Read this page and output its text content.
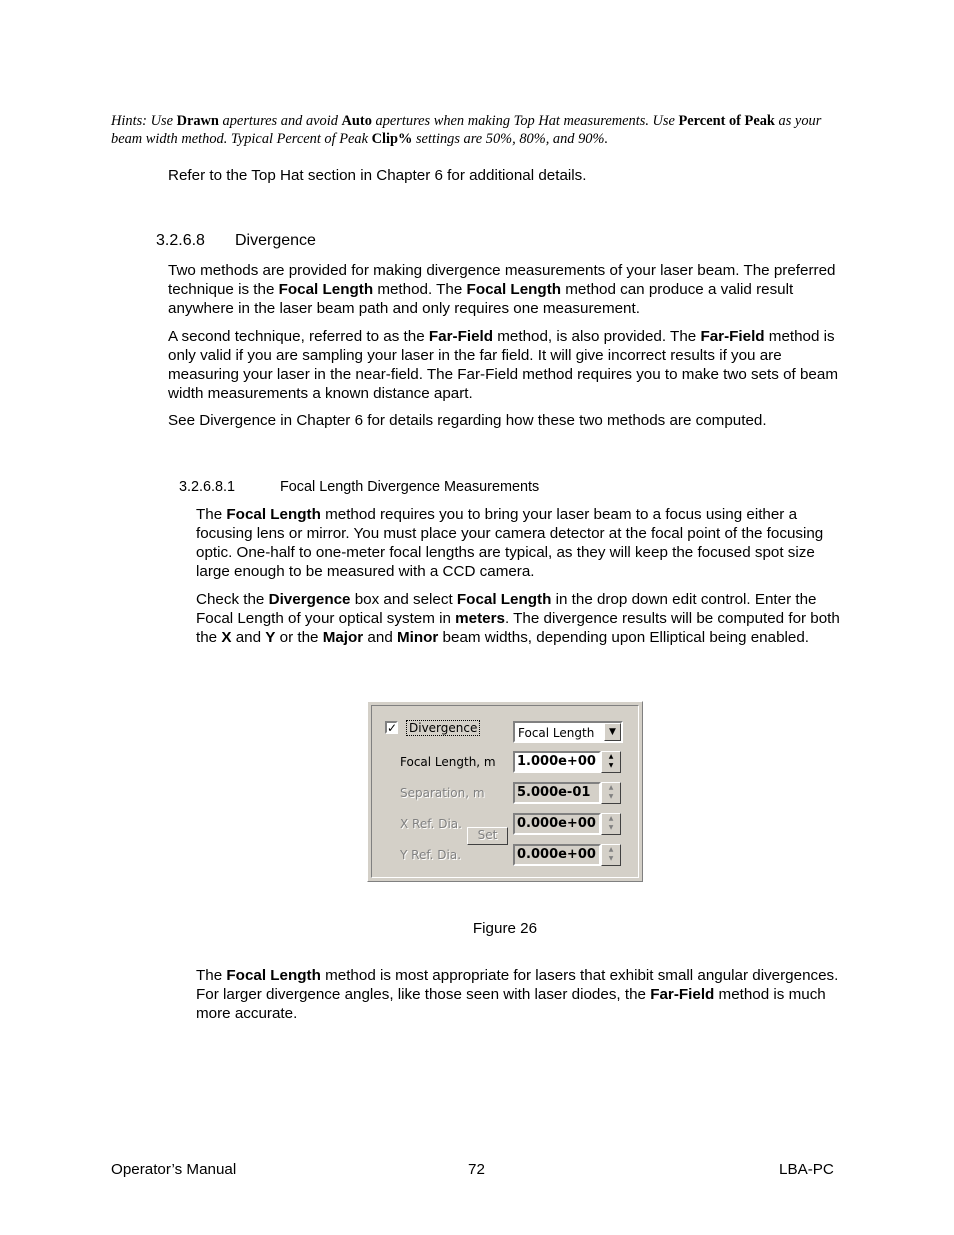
Hints: Use Drawn apertures and avoid Auto apertures when making Top Hat measurements. Use Percent of Peak as your beam width method. Typical Percent of Peak Clip% settings are 50%, 80%, and 90%.

Refer to the Top Hat section in Chapter 6 for additional details.

3.2.6.8 Divergence

Two methods are provided for making divergence measurements of your laser beam. The preferred technique is the Focal Length method. The Focal Length method can produce a valid result anywhere in the laser beam path and only requires one measurement.

A second technique, referred to as the Far-Field method, is also provided. The Far-Field method is only valid if you are sampling your laser in the far field. It will give incorrect results if you are measuring your laser in the near-field. The Far-Field method requires you to make two sets of beam width measurements a known distance apart.

See Divergence in Chapter 6 for details regarding how these two methods are computed.

3.2.6.8.1	Focal Length Divergence Measurements

The Focal Length method requires you to bring your laser beam to a focus using either a focusing lens or mirror. You must place your camera detector at the focal point of the focusing optic. One-half to one-meter focal lengths are typical, as they will keep the focused spot size large enough to be measured with a CCD camera.

Check the Divergence box and select Focal Length in the drop down edit control. Enter the Focal Length of your optical system in meters. The divergence results will be computed for both the X and Y or the Major and Minor beam widths, depending upon Elliptical being enabled.

✓ Divergence	Focal Length	▼
Focal Length, m	1.000e+00	▲
▼
Separation, m	5.000e-01	▲
▼
X Ref. Dia.	0.000e+00	▲
▼
Set
Y Ref. Dia.	0.000e+00	▲
▼

Figure 26

The Focal Length method is most appropriate for lasers that exhibit small angular divergences. For larger divergence angles, like those seen with laser diodes, the Far-Field method is much more accurate.

Operator’s Manual	72	LBA-PC
